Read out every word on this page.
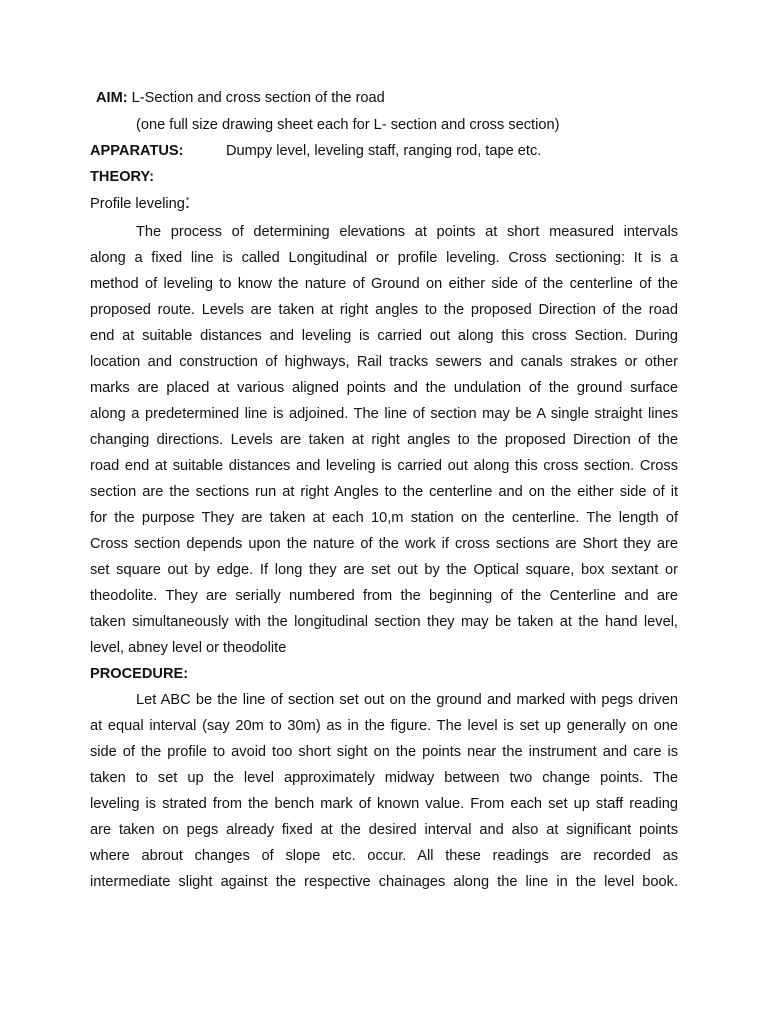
AIM: L-Section and cross section of the road
(one full size drawing sheet each for L- section and cross section)
APPARATUS:	Dumpy level, leveling staff, ranging rod, tape etc.
THEORY:
Profile leveling:
The process of determining elevations at points at short measured intervals
along a fixed line is called Longitudinal or profile leveling. Cross sectioning: It is a
method of leveling to know the nature of Ground on either side of the centerline of the
proposed route. Levels are taken at right angles to the proposed Direction of the road
end at suitable distances and leveling is carried out along this cross Section. During
location and construction of highways, Rail tracks sewers and canals strakes or other
marks are placed at various aligned points and the undulation of the ground surface
along a predetermined line is adjoined. The line of section may be A single straight lines
changing directions. Levels are taken at right angles to the proposed Direction of the
road end at suitable distances and leveling is carried out along this cross section. Cross
section are the sections run at right Angles to the centerline and on the either side of it
for the purpose They are taken at each 10,m station on the centerline. The length of
Cross section depends upon the nature of the work if cross sections are Short they are
set square out by edge. If long they are set out by the Optical square, box sextant or
theodolite. They are serially numbered from the beginning of the Centerline and are
taken simultaneously with the longitudinal section they may be taken at the hand level,
level, abney level or theodolite
PROCEDURE:
Let ABC be the line of section set out on the ground and marked with pegs driven
at equal interval (say 20m to 30m) as in the figure. The level is set up generally on one
side of the profile to avoid too short sight on the points near the instrument and care is
taken to set up the level approximately midway between two change points. The
leveling is strated from the bench mark of known value. From each set up staff reading
are taken on pegs already fixed at the desired interval and also at significant points
where abrout changes of slope etc. occur. All these readings are recorded as
intermediate slight against the respective chainages along the line in the level book.
